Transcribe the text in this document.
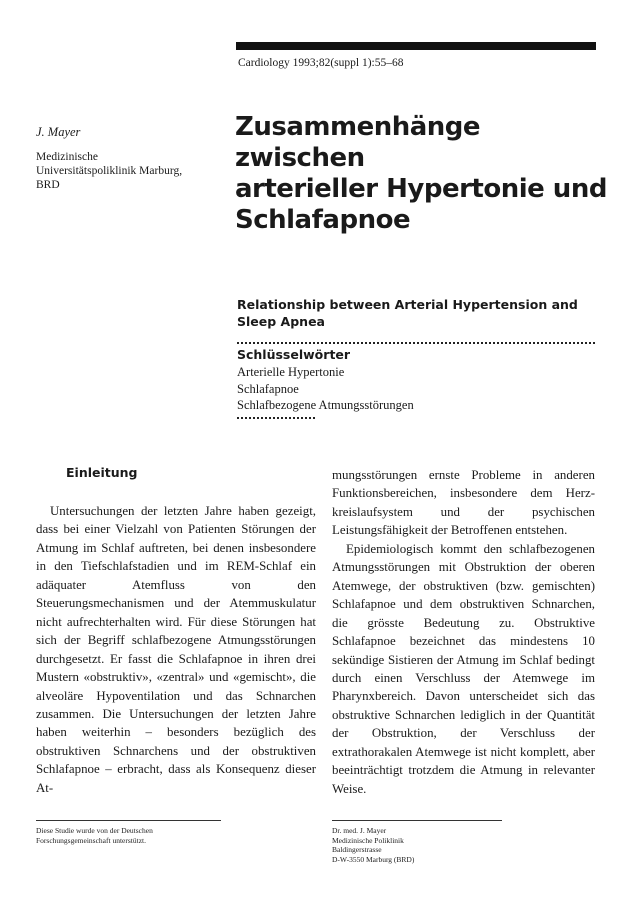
Cardiology 1993;82(suppl 1):55–68
J. Mayer
Medizinische
Universitätspoliklinik Marburg,
BRD
Zusammenhänge zwischen
arterieller Hypertonie und
Schlafapnoe
Relationship between Arterial Hypertension and
Sleep Apnea
Schlüsselwörter
Arterielle Hypertonie
Schlafapnoe
Schlafbezogene Atmungsstörungen
Einleitung

Untersuchungen der letzten Jahre haben gezeigt, dass bei einer Vielzahl von Patienten Störungen der Atmung im Schlaf auftreten, bei denen insbesondere in den Tiefschlafstadien und im REM-Schlaf ein adäquater Atemfluss von den Steuerungsmechanismen und der Atemmuskulatur nicht aufrechterhalten wird. Für diese Störungen hat sich der Begriff schlafbezogene Atmungsstörungen durchgesetzt. Er fasst die Schlafapnoe in ihren drei Mustern «obstruktiv», «zentral» und «gemischt», die alveoläre Hypoventilation und das Schnarchen zusammen. Die Untersuchungen der letzten Jahre haben weiterhin – besonders bezüglich des obstruktiven Schnarchens und der obstruktiven Schlafapnoe – erbracht, dass als Konsequenz dieser At-

mungsstörungen ernste Probleme in anderen Funktionsbereichen, insbesondere dem Herz-kreislaufsystem und der psychischen Leistungsfähigkeit der Betroffenen entstehen.

Epidemiologisch kommt den schlafbezogenen Atmungsstörungen mit Obstruktion der oberen Atemwege, der obstruktiven (bzw. gemischten) Schlafapnoe und dem obstruktiven Schnarchen, die grösste Bedeutung zu. Obstruktive Schlafapnoe bezeichnet das mindestens 10 sekündige Sistieren der Atmung im Schlaf bedingt durch einen Verschluss der Atemwege im Pharynxbereich. Davon unterscheidet sich das obstruktive Schnarchen lediglich in der Quantität der Obstruktion, der Verschluss der extrathorakalen Atemwege ist nicht komplett, aber beeinträchtigt trotzdem die Atmung in relevanter Weise.

Diese Studie wurde von der Deutschen
Forschungsgemeinschaft unterstützt.
Dr. med. J. Mayer
Medizinische Poliklinik
Baldingerstrasse
D-W-3550 Marburg (BRD)
